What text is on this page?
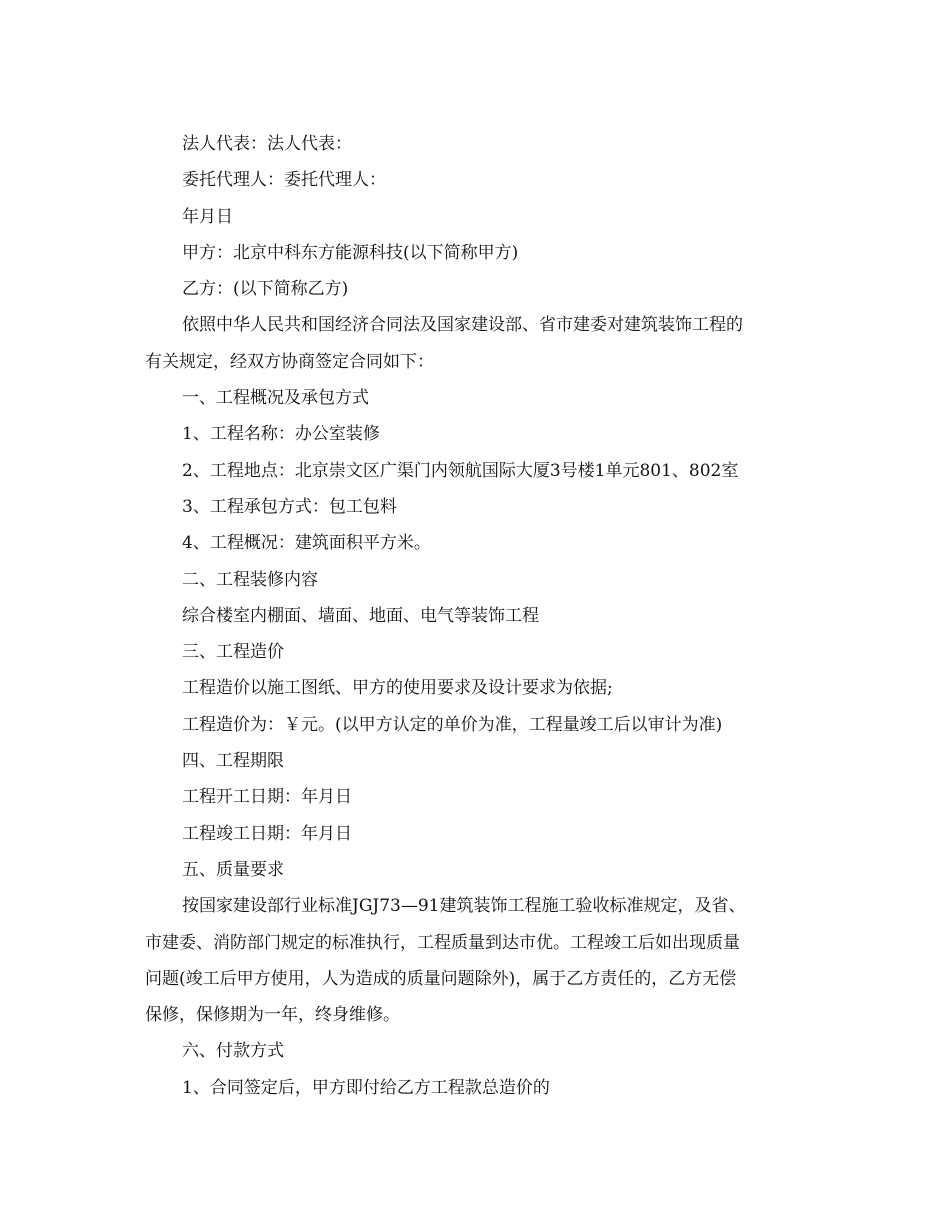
法人代表：法人代表：

委托代理人：委托代理人：

年月日

甲方：北京中科东方能源科技(以下简称甲方)

乙方：(以下简称乙方)

依照中华人民共和国经济合同法及国家建设部、省市建委对建筑装饰工程的
有关规定，经双方协商签定合同如下：

一、工程概况及承包方式

1、工程名称：办公室装修

2、工程地点：北京崇文区广渠门内领航国际大厦3号楼1单元801、802室

3、工程承包方式：包工包料

4、工程概况：建筑面积平方米。

二、工程装修内容

综合楼室内棚面、墙面、地面、电气等装饰工程

三、工程造价

工程造价以施工图纸、甲方的使用要求及设计要求为依据;

工程造价为：￥元。(以甲方认定的单价为准，工程量竣工后以审计为准)

四、工程期限

工程开工日期：年月日

工程竣工日期：年月日

五、质量要求

按国家建设部行业标准JGJ73—91建筑装饰工程施工验收标准规定，及省、
市建委、消防部门规定的标准执行，工程质量到达市优。工程竣工后如出现质量
问题(竣工后甲方使用，人为造成的质量问题除外)，属于乙方责任的，乙方无偿
保修，保修期为一年，终身维修。

六、付款方式

1、合同签定后，甲方即付给乙方工程款总造价的
